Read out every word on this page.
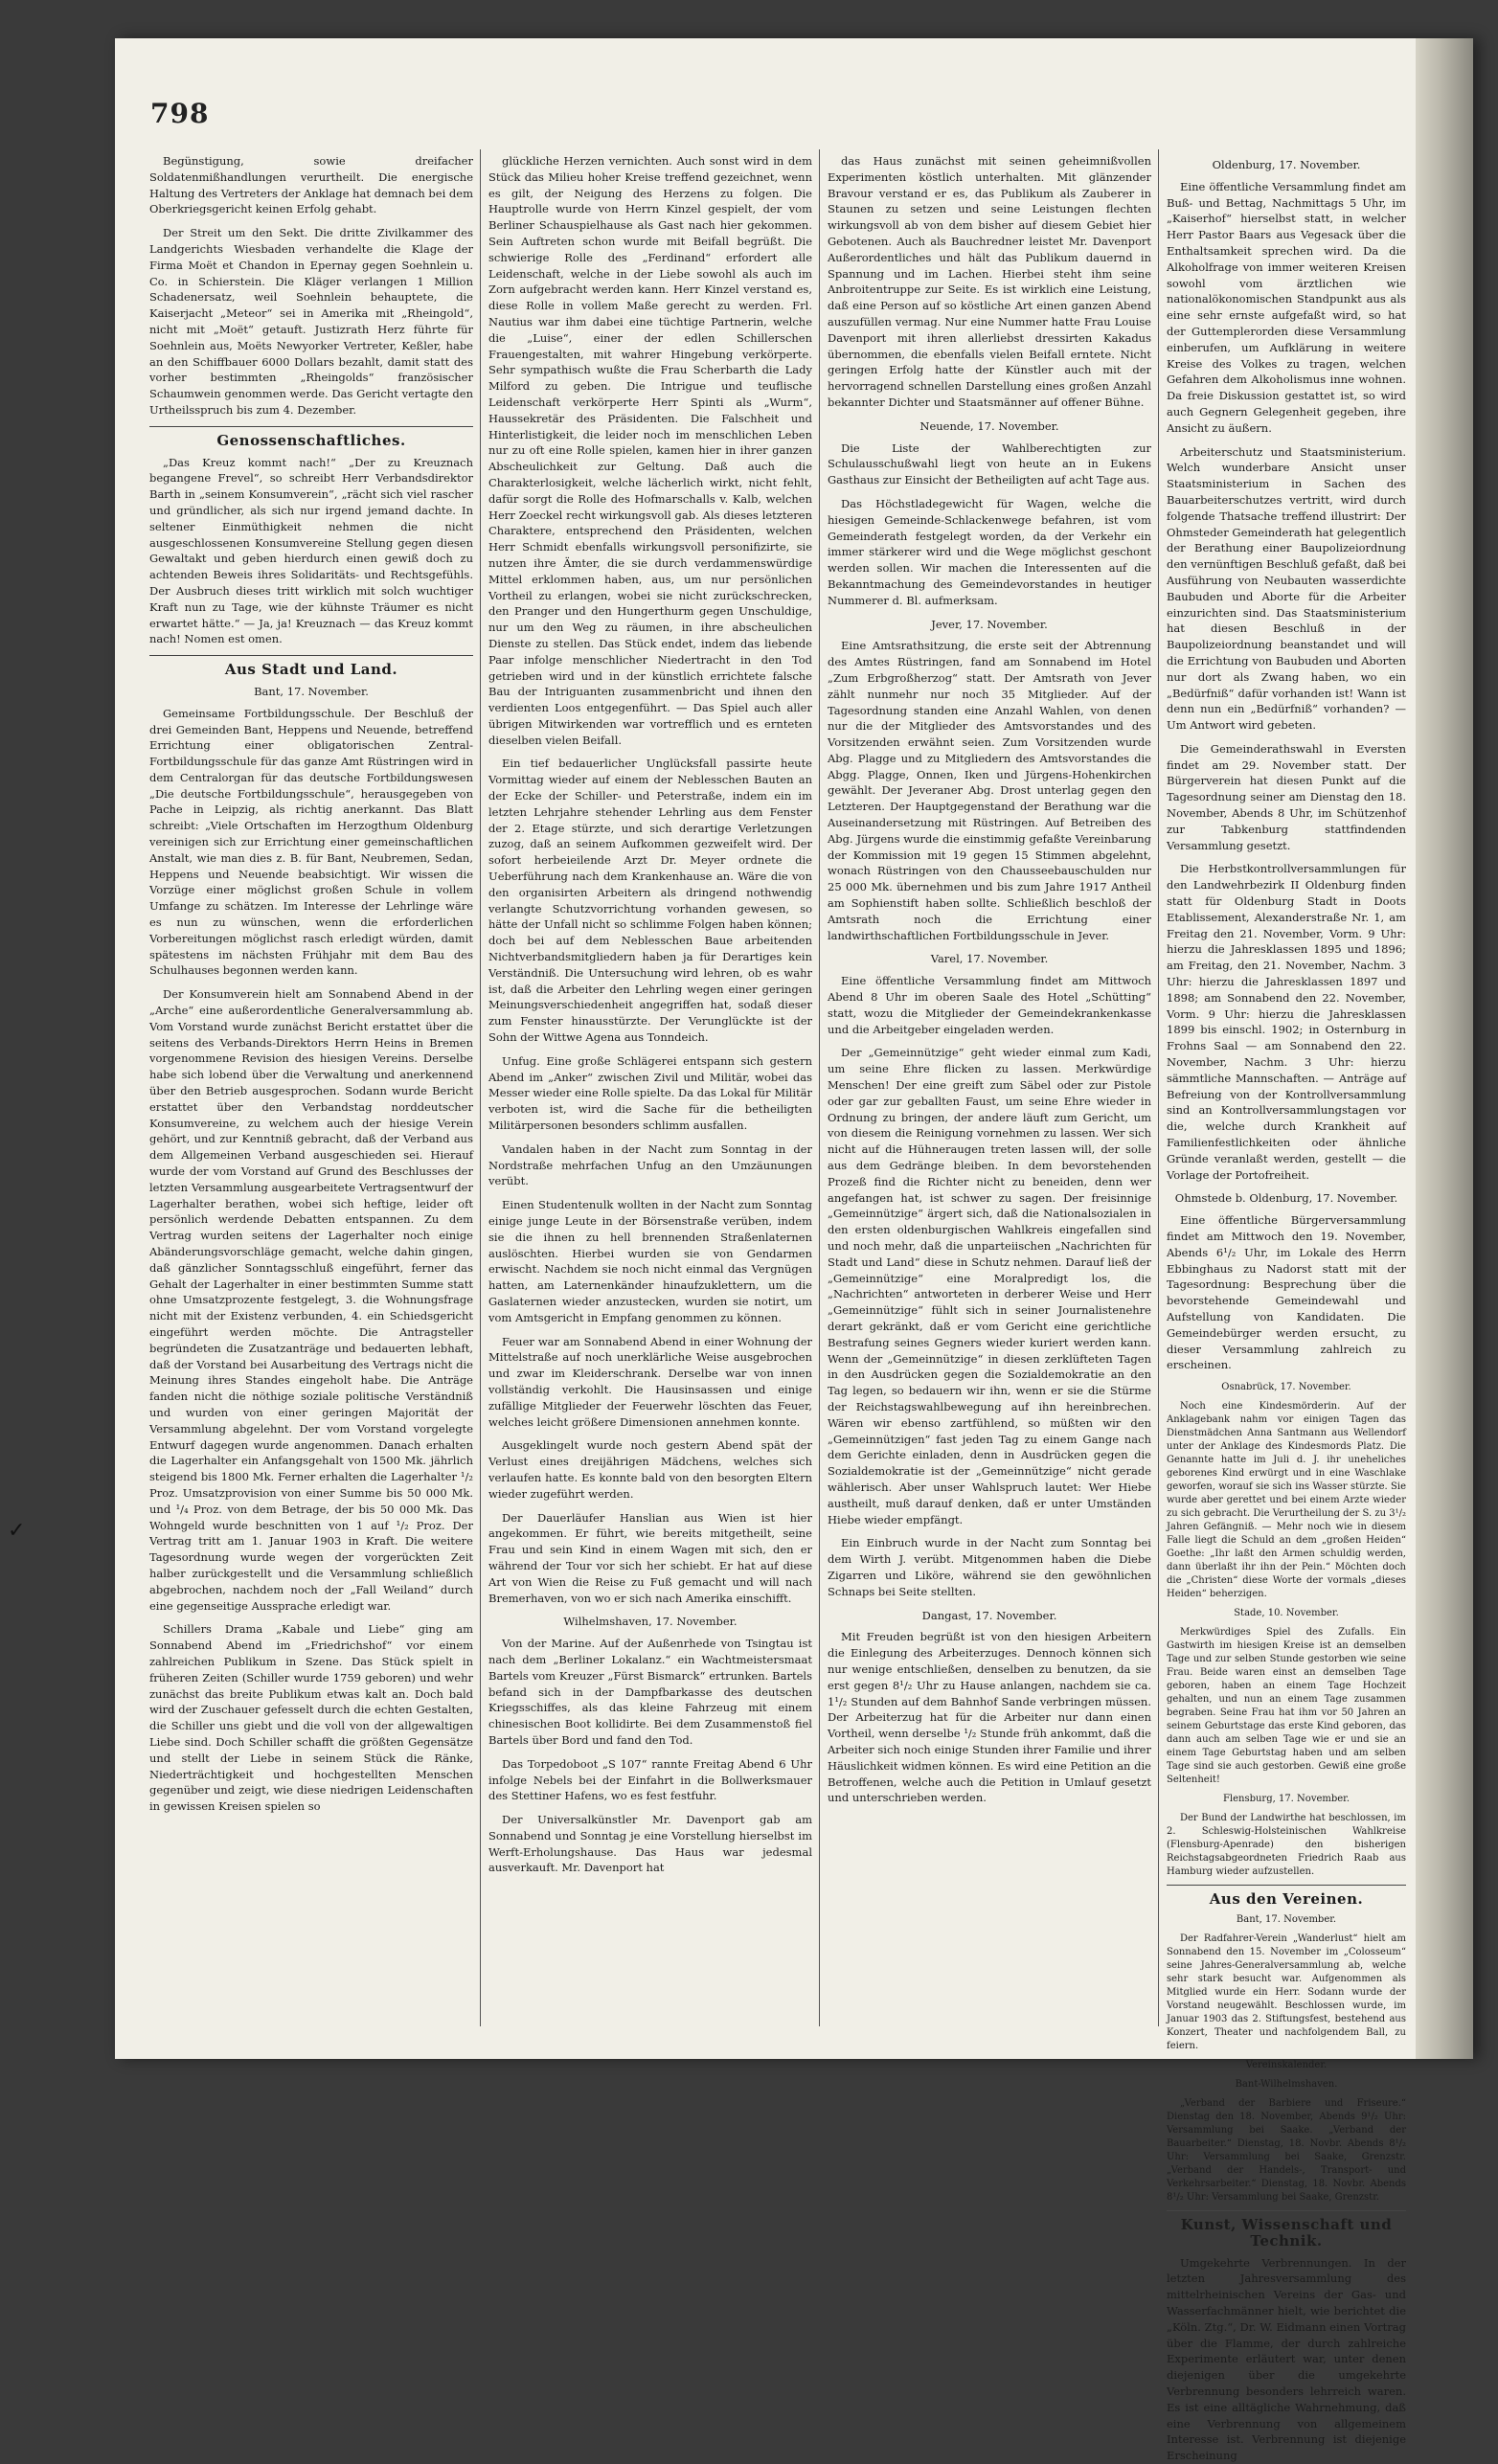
798

Begünstigung, sowie dreifacher Soldatenmißhandlungen verurtheilt. Die energische Haltung des Vertreters der Anklage hat demnach bei dem Oberkriegsgericht keinen Erfolg gehabt.

Der Streit um den Sekt. Die dritte Zivilkammer des Landgerichts Wiesbaden verhandelte die Klage der Firma Moët et Chandon in Epernay gegen Soehnlein u. Co. in Schierstein. Die Kläger verlangen 1 Million Schadenersatz, weil Soehnlein behauptete, die Kaiserjacht „Meteor“ sei in Amerika mit „Rheingold“, nicht mit „Moët“ getauft. Justizrath Herz führte für Soehnlein aus, Moëts Newyorker Vertreter, Keßler, habe an den Schiffbauer 6000 Dollars bezahlt, damit statt des vorher bestimmten „Rheingolds“ französischer Schaumwein genommen werde. Das Gericht vertagte den Urtheilsspruch bis zum 4. Dezember.

Genossenschaftliches.

„Das Kreuz kommt nach!“ „Der zu Kreuznach begangene Frevel“, so schreibt Herr Verbandsdirektor Barth in „seinem Konsumverein“, „rächt sich viel rascher und gründlicher, als sich nur irgend jemand dachte. In seltener Einmüthigkeit nehmen die nicht ausgeschlossenen Konsumvereine Stellung gegen diesen Gewaltakt und geben hierdurch einen gewiß doch zu achtenden Beweis ihres Solidaritäts- und Rechtsgefühls. Der Ausbruch dieses tritt wirklich mit solch wuchtiger Kraft nun zu Tage, wie der kühnste Träumer es nicht erwartet hätte.“ — Ja, ja! Kreuznach — das Kreuz kommt nach! Nomen est omen.

Aus Stadt und Land.

Bant, 17. November.

Gemeinsame Fortbildungsschule. Der Beschluß der drei Gemeinden Bant, Heppens und Neuende, betreffend Errichtung einer obligatorischen Zentral-Fortbildungsschule für das ganze Amt Rüstringen wird in dem Centralorgan für das deutsche Fortbildungswesen „Die deutsche Fortbildungsschule“, herausgegeben von Pache in Leipzig, als richtig anerkannt. Das Blatt schreibt: „Viele Ortschaften im Herzogthum Oldenburg vereinigen sich zur Errichtung einer gemeinschaftlichen Anstalt, wie man dies z. B. für Bant, Neubremen, Sedan, Heppens und Neuende beabsichtigt. Wir wissen die Vorzüge einer möglichst großen Schule in vollem Umfange zu schätzen. Im Interesse der Lehrlinge wäre es nun zu wünschen, wenn die erforderlichen Vorbereitungen möglichst rasch erledigt würden, damit spätestens im nächsten Frühjahr mit dem Bau des Schulhauses begonnen werden kann.

Der Konsumverein hielt am Sonnabend Abend in der „Arche“ eine außerordentliche Generalversammlung ab. Vom Vorstand wurde zunächst Bericht erstattet über die seitens des Verbands-Direktors Herrn Heins in Bremen vorgenommene Revision des hiesigen Vereins. Derselbe habe sich lobend über die Verwaltung und anerkennend über den Betrieb ausgesprochen. Sodann wurde Bericht erstattet über den Verbandstag norddeutscher Konsumvereine, zu welchem auch der hiesige Verein gehört, und zur Kenntniß gebracht, daß der Verband aus dem Allgemeinen Verband ausgeschieden sei. Hierauf wurde der vom Vorstand auf Grund des Beschlusses der letzten Versammlung ausgearbeitete Vertragsentwurf der Lagerhalter berathen, wobei sich heftige, leider oft persönlich werdende Debatten entspannen. Zu dem Vertrag wurden seitens der Lagerhalter noch einige Abänderungsvorschläge gemacht, welche dahin gingen, daß gänzlicher Sonntagsschluß eingeführt, ferner das Gehalt der Lagerhalter in einer bestimmten Summe statt ohne Umsatzprozente festgelegt, 3. die Wohnungsfrage nicht mit der Existenz verbunden, 4. ein Schiedsgericht eingeführt werden möchte. Die Antragsteller begründeten die Zusatzanträge und bedauerten lebhaft, daß der Vorstand bei Ausarbeitung des Vertrags nicht die Meinung ihres Standes eingeholt habe. Die Anträge fanden nicht die nöthige soziale politische Verständniß und wurden von einer geringen Majorität der Versammlung abgelehnt. Der vom Vorstand vorgelegte Entwurf dagegen wurde angenommen. Danach erhalten die Lagerhalter ein Anfangsgehalt von 1500 Mk. jährlich steigend bis 1800 Mk. Ferner erhalten die Lagerhalter ¹/₂ Proz. Umsatzprovision von einer Summe bis 50 000 Mk. und ¹/₄ Proz. von dem Betrage, der bis 50 000 Mk. Das Wohngeld wurde beschnitten von 1 auf ¹/₂ Proz. Der Vertrag tritt am 1. Januar 1903 in Kraft. Die weitere Tagesordnung wurde wegen der vorgerückten Zeit halber zurückgestellt und die Versammlung schließlich abgebrochen, nachdem noch der „Fall Weiland“ durch eine gegenseitige Aussprache erledigt war.

Schillers Drama „Kabale und Liebe“ ging am Sonnabend Abend im „Friedrichshof“ vor einem zahlreichen Publikum in Szene. Das Stück spielt in früheren Zeiten (Schiller wurde 1759 geboren) und wehr zunächst das breite Publikum etwas kalt an. Doch bald wird der Zuschauer gefesselt durch die echten Gestalten, die Schiller uns giebt und die voll von der allgewaltigen Liebe sind. Doch Schiller schafft die größten Gegensätze und stellt der Liebe in seinem Stück die Ränke, Niederträchtigkeit und hochgestellten Menschen gegenüber und zeigt, wie diese niedrigen Leidenschaften in gewissen Kreisen spielen so

glückliche Herzen vernichten. Auch sonst wird in dem Stück das Milieu hoher Kreise treffend gezeichnet, wenn es gilt, der Neigung des Herzens zu folgen. Die Hauptrolle wurde von Herrn Kinzel gespielt, der vom Berliner Schauspielhause als Gast nach hier gekommen. Sein Auftreten schon wurde mit Beifall begrüßt. Die schwierige Rolle des „Ferdinand“ erfordert alle Leidenschaft, welche in der Liebe sowohl als auch im Zorn aufgebracht werden kann. Herr Kinzel verstand es, diese Rolle in vollem Maße gerecht zu werden. Frl. Nautius war ihm dabei eine tüchtige Partnerin, welche die „Luise“, einer der edlen Schillerschen Frauengestalten, mit wahrer Hingebung verkörperte. Sehr sympathisch wußte die Frau Scherbarth die Lady Milford zu geben. Die Intrigue und teuflische Leidenschaft verkörperte Herr Spinti als „Wurm“, Haussekretär des Präsidenten. Die Falschheit und Hinterlistigkeit, die leider noch im menschlichen Leben nur zu oft eine Rolle spielen, kamen hier in ihrer ganzen Abscheulichkeit zur Geltung. Daß auch die Charakterlosigkeit, welche lächerlich wirkt, nicht fehlt, dafür sorgt die Rolle des Hofmarschalls v. Kalb, welchen Herr Zoeckel recht wirkungsvoll gab. Als dieses letzteren Charaktere, entsprechend den Präsidenten, welchen Herr Schmidt ebenfalls wirkungsvoll personifizirte, sie nutzen ihre Ämter, die sie durch verdammenswürdige Mittel erklommen haben, aus, um nur persönlichen Vortheil zu erlangen, wobei sie nicht zurückschrecken, den Pranger und den Hungerthurm gegen Unschuldige, nur um den Weg zu räumen, in ihre abscheulichen Dienste zu stellen. Das Stück endet, indem das liebende Paar infolge menschlicher Niedertracht in den Tod getrieben wird und in der künstlich errichtete falsche Bau der Intriguanten zusammenbricht und ihnen den verdienten Loos entgegenführt. — Das Spiel auch aller übrigen Mitwirkenden war vortrefflich und es ernteten dieselben vielen Beifall.

Ein tief bedauerlicher Unglücksfall passirte heute Vormittag wieder auf einem der Neblesschen Bauten an der Ecke der Schiller- und Peterstraße, indem ein im letzten Lehrjahre stehender Lehrling aus dem Fenster der 2. Etage stürzte, und sich derartige Verletzungen zuzog, daß an seinem Aufkommen gezweifelt wird. Der sofort herbeieilende Arzt Dr. Meyer ordnete die Ueberführung nach dem Krankenhause an. Wäre die von den organisirten Arbeitern als dringend nothwendig verlangte Schutzvorrichtung vorhanden gewesen, so hätte der Unfall nicht so schlimme Folgen haben können; doch bei auf dem Neblesschen Baue arbeitenden Nichtverbandsmitgliedern haben ja für Derartiges kein Verständniß. Die Untersuchung wird lehren, ob es wahr ist, daß die Arbeiter den Lehrling wegen einer geringen Meinungsverschiedenheit angegriffen hat, sodaß dieser zum Fenster hinausstürzte. Der Verunglückte ist der Sohn der Wittwe Agena aus Tonndeich.

Unfug. Eine große Schlägerei entspann sich gestern Abend im „Anker“ zwischen Zivil und Militär, wobei das Messer wieder eine Rolle spielte. Da das Lokal für Militär verboten ist, wird die Sache für die betheiligten Militärpersonen besonders schlimm ausfallen.

Vandalen haben in der Nacht zum Sonntag in der Nordstraße mehrfachen Unfug an den Umzäunungen verübt.

Einen Studentenulk wollten in der Nacht zum Sonntag einige junge Leute in der Börsenstraße verüben, indem sie die ihnen zu hell brennenden Straßenlaternen auslöschten. Hierbei wurden sie von Gendarmen erwischt. Nachdem sie noch nicht einmal das Vergnügen hatten, am Laternenkänder hinaufzuklettern, um die Gaslaternen wieder anzustecken, wurden sie notirt, um vom Amtsgericht in Empfang genommen zu können.

Feuer war am Sonnabend Abend in einer Wohnung der Mittelstraße auf noch unerklärliche Weise ausgebrochen und zwar im Kleiderschrank. Derselbe war von innen vollständig verkohlt. Die Hausinsassen und einige zufällige Mitglieder der Feuerwehr löschten das Feuer, welches leicht größere Dimensionen annehmen konnte.

Ausgeklingelt wurde noch gestern Abend spät der Verlust eines dreijährigen Mädchens, welches sich verlaufen hatte. Es konnte bald von den besorgten Eltern wieder zugeführt werden.

Der Dauerläufer Hanslian aus Wien ist hier angekommen. Er führt, wie bereits mitgetheilt, seine Frau und sein Kind in einem Wagen mit sich, den er während der Tour vor sich her schiebt. Er hat auf diese Art von Wien die Reise zu Fuß gemacht und will nach Bremerhaven, von wo er sich nach Amerika einschifft.

Wilhelmshaven, 17. November.

Von der Marine. Auf der Außenrhede von Tsingtau ist nach dem „Berliner Lokalanz.“ ein Wachtmeistersmaat Bartels vom Kreuzer „Fürst Bismarck“ ertrunken. Bartels befand sich in der Dampfbarkasse des deutschen Kriegsschiffes, als das kleine Fahrzeug mit einem chinesischen Boot kollidirte. Bei dem Zusammenstoß fiel Bartels über Bord und fand den Tod.

Das Torpedoboot „S 107“ rannte Freitag Abend 6 Uhr infolge Nebels bei der Einfahrt in die Bollwerksmauer des Stettiner Hafens, wo es fest festfuhr.

Der Universalkünstler Mr. Davenport gab am Sonnabend und Sonntag je eine Vorstellung hierselbst im Werft-Erholungshause. Das Haus war jedesmal ausverkauft. Mr. Davenport hat

das Haus zunächst mit seinen geheimnißvollen Experimenten köstlich unterhalten. Mit glänzender Bravour verstand er es, das Publikum als Zauberer in Staunen zu setzen und seine Leistungen flechten wirkungsvoll ab von dem bisher auf diesem Gebiet hier Gebotenen. Auch als Bauchredner leistet Mr. Davenport Außerordentliches und hält das Publikum dauernd in Spannung und im Lachen. Hierbei steht ihm seine Anbroitentruppe zur Seite. Es ist wirklich eine Leistung, daß eine Person auf so köstliche Art einen ganzen Abend auszufüllen vermag. Nur eine Nummer hatte Frau Louise Davenport mit ihren allerliebst dressirten Kakadus übernommen, die ebenfalls vielen Beifall erntete. Nicht geringen Erfolg hatte der Künstler auch mit der hervorragend schnellen Darstellung eines großen Anzahl bekannter Dichter und Staatsmänner auf offener Bühne.

Neuende, 17. November.

Die Liste der Wahlberechtigten zur Schulausschußwahl liegt von heute an in Eukens Gasthaus zur Einsicht der Betheiligten auf acht Tage aus.

Das Höchstladegewicht für Wagen, welche die hiesigen Gemeinde-Schlackenwege befahren, ist vom Gemeinderath festgelegt worden, da der Verkehr ein immer stärkerer wird und die Wege möglichst geschont werden sollen. Wir machen die Interessenten auf die Bekanntmachung des Gemeindevorstandes in heutiger Nummerer d. Bl. aufmerksam.

Jever, 17. November.

Eine Amtsrathsitzung, die erste seit der Abtrennung des Amtes Rüstringen, fand am Sonnabend im Hotel „Zum Erbgroßherzog“ statt. Der Amtsrath von Jever zählt nunmehr nur noch 35 Mitglieder. Auf der Tagesordnung standen eine Anzahl Wahlen, von denen nur die der Mitglieder des Amtsvorstandes und des Vorsitzenden erwähnt seien. Zum Vorsitzenden wurde Abg. Plagge und zu Mitgliedern des Amtsvorstandes die Abgg. Plagge, Onnen, Iken und Jürgens-Hohenkirchen gewählt. Der Jeveraner Abg. Drost unterlag gegen den Letzteren. Der Hauptgegenstand der Berathung war die Auseinandersetzung mit Rüstringen. Auf Betreiben des Abg. Jürgens wurde die einstimmig gefaßte Vereinbarung der Kommission mit 19 gegen 15 Stimmen abgelehnt, wonach Rüstringen von den Chausseebauschulden nur 25 000 Mk. übernehmen und bis zum Jahre 1917 Antheil am Sophienstift haben sollte. Schließlich beschloß der Amtsrath noch die Errichtung einer landwirthschaftlichen Fortbildungsschule in Jever.

Varel, 17. November.

Eine öffentliche Versammlung findet am Mittwoch Abend 8 Uhr im oberen Saale des Hotel „Schütting“ statt, wozu die Mitglieder der Gemeindekrankenkasse und die Arbeitgeber eingeladen werden.

Der „Gemeinnützige“ geht wieder einmal zum Kadi, um seine Ehre flicken zu lassen. Merkwürdige Menschen! Der eine greift zum Säbel oder zur Pistole oder gar zur geballten Faust, um seine Ehre wieder in Ordnung zu bringen, der andere läuft zum Gericht, um von diesem die Reinigung vornehmen zu lassen. Wer sich nicht auf die Hühneraugen treten lassen will, der solle aus dem Gedränge bleiben. In dem bevorstehenden Prozeß find die Richter nicht zu beneiden, denn wer angefangen hat, ist schwer zu sagen. Der freisinnige „Gemeinnützige“ ärgert sich, daß die Nationalsozialen in den ersten oldenburgischen Wahlkreis eingefallen sind und noch mehr, daß die unparteiischen „Nachrichten für Stadt und Land“ diese in Schutz nehmen. Darauf ließ der „Gemeinnützige“ eine Moralpredigt los, die „Nachrichten“ antworteten in derberer Weise und Herr „Gemeinnützige“ fühlt sich in seiner Journalistenehre derart gekränkt, daß er vom Gericht eine gerichtliche Bestrafung seines Gegners wieder kuriert werden kann. Wenn der „Gemeinnützige“ in diesen zerklüfteten Tagen in den Ausdrücken gegen die Sozialdemokratie an den Tag legen, so bedauern wir ihn, wenn er sie die Stürme der Reichstagswahlbewegung auf ihn hereinbrechen. Wären wir ebenso zartfühlend, so müßten wir den „Gemeinnützigen“ fast jeden Tag zu einem Gange nach dem Gerichte einladen, denn in Ausdrücken gegen die Sozialdemokratie ist der „Gemeinnützige“ nicht gerade wählerisch. Aber unser Wahlspruch lautet: Wer Hiebe austheilt, muß darauf denken, daß er unter Umständen Hiebe wieder empfängt.

Ein Einbruch wurde in der Nacht zum Sonntag bei dem Wirth J. verübt. Mitgenommen haben die Diebe Zigarren und Liköre, während sie den gewöhnlichen Schnaps bei Seite stellten.

Dangast, 17. November.

Mit Freuden begrüßt ist von den hiesigen Arbeitern die Einlegung des Arbeiterzuges. Dennoch können sich nur wenige entschließen, denselben zu benutzen, da sie erst gegen 8¹/₂ Uhr zu Hause anlangen, nachdem sie ca. 1¹/₂ Stunden auf dem Bahnhof Sande verbringen müssen. Der Arbeiterzug hat für die Arbeiter nur dann einen Vortheil, wenn derselbe ¹/₂ Stunde früh ankommt, daß die Arbeiter sich noch einige Stunden ihrer Familie und ihrer Häuslichkeit widmen können. Es wird eine Petition an die Betroffenen, welche auch die Petition in Umlauf gesetzt und unterschrieben werden.

Oldenburg, 17. November.

Eine öffentliche Versammlung findet am Buß- und Bettag, Nachmittags 5 Uhr, im „Kaiserhof“ hierselbst statt, in welcher Herr Pastor Baars aus Vegesack über die Enthaltsamkeit sprechen wird. Da die Alkoholfrage von immer weiteren Kreisen sowohl vom ärztlichen wie nationalökonomischen Standpunkt aus als eine sehr ernste aufgefaßt wird, so hat der Guttemplerorden diese Versammlung einberufen, um Aufklärung in weitere Kreise des Volkes zu tragen, welchen Gefahren dem Alkoholismus inne wohnen. Da freie Diskussion gestattet ist, so wird auch Gegnern Gelegenheit gegeben, ihre Ansicht zu äußern.

Arbeiterschutz und Staatsministerium. Welch wunderbare Ansicht unser Staatsministerium in Sachen des Bauarbeiterschutzes vertritt, wird durch folgende Thatsache treffend illustrirt: Der Ohmsteder Gemeinderath hat gelegentlich der Berathung einer Baupolizeiordnung den vernünftigen Beschluß gefaßt, daß bei Ausführung von Neubauten wasserdichte Baubuden und Aborte für die Arbeiter einzurichten sind. Das Staatsministerium hat diesen Beschluß in der Baupolizeiordnung beanstandet und will die Errichtung von Baubuden und Aborten nur dort als Zwang haben, wo ein „Bedürfniß“ dafür vorhanden ist! Wann ist denn nun ein „Bedürfniß“ vorhanden? — Um Antwort wird gebeten.

Die Gemeinderathswahl in Eversten findet am 29. November statt. Der Bürgerverein hat diesen Punkt auf die Tagesordnung seiner am Dienstag den 18. November, Abends 8 Uhr, im Schützenhof zur Tabkenburg stattfindenden Versammlung gesetzt.

Die Herbstkontrollversammlungen für den Landwehrbezirk II Oldenburg finden statt für Oldenburg Stadt in Doots Etablissement, Alexanderstraße Nr. 1, am Freitag den 21. November, Vorm. 9 Uhr: hierzu die Jahresklassen 1895 und 1896; am Freitag, den 21. November, Nachm. 3 Uhr: hierzu die Jahresklassen 1897 und 1898; am Sonnabend den 22. November, Vorm. 9 Uhr: hierzu die Jahresklassen 1899 bis einschl. 1902; in Osternburg in Frohns Saal — am Sonnabend den 22. November, Nachm. 3 Uhr: hierzu sämmtliche Mannschaften. — Anträge auf Befreiung von der Kontrollversammlung sind an Kontrollversammlungstagen vor die, welche durch Krankheit auf Familienfestlichkeiten oder ähnliche Gründe veranlaßt werden, gestellt — die Vorlage der Portofreiheit.

Ohmstede b. Oldenburg, 17. November.

Eine öffentliche Bürgerversammlung findet am Mittwoch den 19. November, Abends 6¹/₂ Uhr, im Lokale des Herrn Ebbinghaus zu Nadorst statt mit der Tagesordnung: Besprechung über die bevorstehende Gemeindewahl und Aufstellung von Kandidaten. Die Gemeindebürger werden ersucht, zu dieser Versammlung zahlreich zu erscheinen.

Osnabrück, 17. November.

Noch eine Kindesmörderin. Auf der Anklagebank nahm vor einigen Tagen das Dienstmädchen Anna Santmann aus Wellendorf unter der Anklage des Kindesmords Platz. Die Genannte hatte im Juli d. J. ihr uneheliches geborenes Kind erwürgt und in eine Waschlake geworfen, worauf sie sich ins Wasser stürzte. Sie wurde aber gerettet und bei einem Arzte wieder zu sich gebracht. Die Verurtheilung der S. zu 3¹/₂ Jahren Gefängniß. — Mehr noch wie in diesem Falle liegt die Schuld an dem „großen Heiden“ Goethe: „Ihr laßt den Armen schuldig werden, dann überlaßt ihr ihn der Pein.“ Möchten doch die „Christen“ diese Worte der vormals „dieses Heiden“ beherzigen.

Stade, 10. November.

Merkwürdiges Spiel des Zufalls. Ein Gastwirth im hiesigen Kreise ist an demselben Tage und zur selben Stunde gestorben wie seine Frau. Beide waren einst an demselben Tage geboren, haben an einem Tage Hochzeit gehalten, und nun an einem Tage zusammen begraben. Seine Frau hat ihm vor 50 Jahren an seinem Geburtstage das erste Kind geboren, das dann auch am selben Tage wie er und sie an einem Tage Geburtstag haben und am selben Tage sind sie auch gestorben. Gewiß eine große Seltenheit!

Flensburg, 17. November.

Der Bund der Landwirthe hat beschlossen, im 2. Schleswig-Holsteinischen Wahlkreise (Flensburg-Apenrade) den bisherigen Reichstagsabgeordneten Friedrich Raab aus Hamburg wieder aufzustellen.

Aus den Vereinen.

Bant, 17. November.

Der Radfahrer-Verein „Wanderlust“ hielt am Sonnabend den 15. November im „Colosseum“ seine Jahres-Generalversammlung ab, welche sehr stark besucht war. Aufgenommen als Mitglied wurde ein Herr. Sodann wurde der Vorstand neugewählt. Beschlossen wurde, im Januar 1903 das 2. Stiftungsfest, bestehend aus Konzert, Theater und nachfolgendem Ball, zu feiern.

Vereinskalender.

Bant-Wilhelmshaven.

„Verband der Barbiere und Friseure.“ Dienstag den 18. November, Abends 9¹/₂ Uhr: Versammlung bei Saake. „Verband der Bauarbeiter.“ Dienstag, 18. Novbr. Abends 8¹/₂ Uhr: Versammlung bei Saake, Grenzstr. „Verband der Handels-, Transport- und Verkehrsarbeiter.“ Dienstag, 18. Novbr. Abends 8¹/₂ Uhr: Versammlung bei Saake, Grenzstr.

Kunst, Wissenschaft und Technik.

Umgekehrte Verbrennungen. In der letzten Jahresversammlung des mittelrheinischen Vereins der Gas- und Wasserfachmänner hielt, wie berichtet die „Köln. Ztg.“, Dr. W. Eidmann einen Vortrag über die Flamme, der durch zahlreiche Experimente erläutert war, unter denen diejenigen über die umgekehrte Verbrennung besonders lehrreich waren. Es ist eine alltägliche Wahrnehmung, daß eine Verbrennung von allgemeinem Interesse ist. Verbrennung ist diejenige Erscheinung

✓
